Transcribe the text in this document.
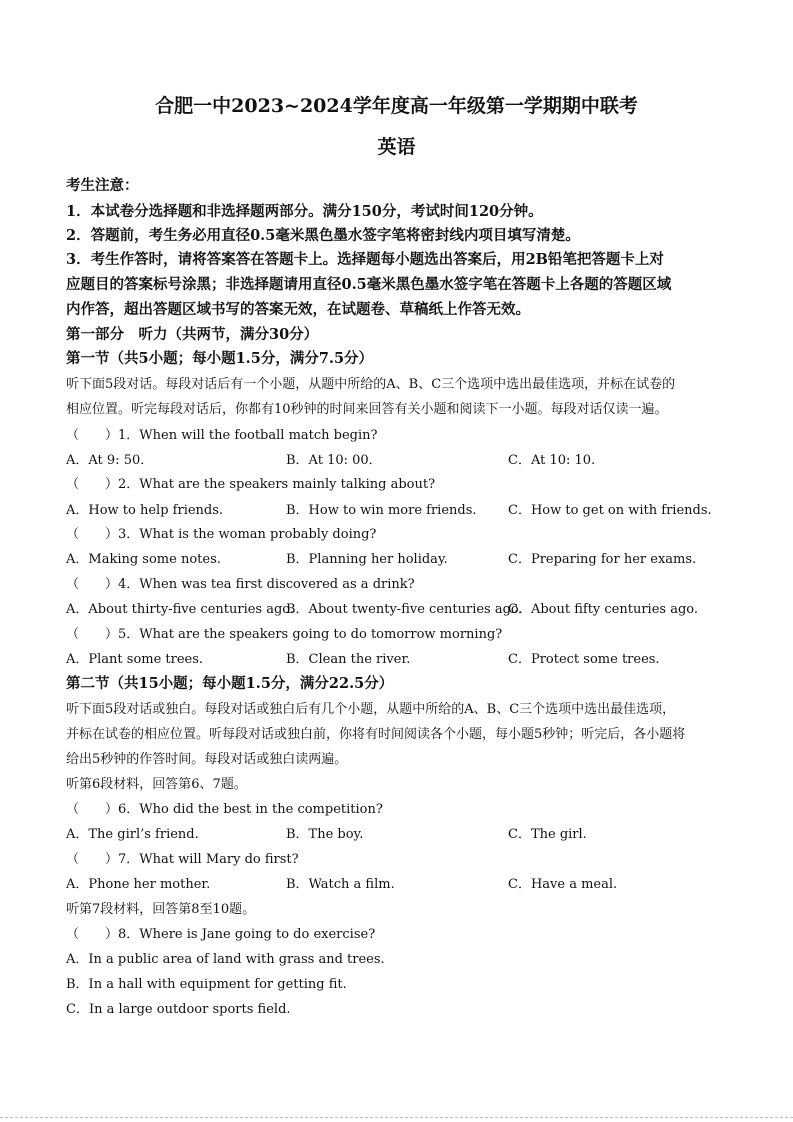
合肥一中2023~2024学年度高一年级第一学期期中联考
英语
考生注意：
1．本试卷分选择题和非选择题两部分。满分150分，考试时间120分钟。
2．答题前，考生务必用直径0.5毫米黑色墨水签字笔将密封线内项目填写清楚。
3．考生作答时，请将答案答在答题卡上。选择题每小题选出答案后，用2B铅笔把答题卡上对
应题目的答案标号涂黑；非选择题请用直径0.5毫米黑色墨水签字笔在答题卡上各题的答题区域
内作答，超出答题区域书写的答案无效，在试题卷、草稿纸上作答无效。
第一部分　听力（共两节，满分30分）
第一节（共5小题；每小题1.5分，满分7.5分）
听下面5段对话。每段对话后有一个小题，从题中所给的A、B、C三个选项中选出最佳选项，并标在试卷的
相应位置。听完每段对话后，你都有10秒钟的时间来回答有关小题和阅读下一小题。每段对话仅读一遍。
（　　）1．When will the football match begin?
A．At 9: 50．	B．At 10: 00．	C．At 10: 10.
（　　）2．What are the speakers mainly talking about?
A．How to help friends.	B．How to win more friends. C．How to get on with friends.
（　　）3．What is the woman probably doing?
A．Making some notes.	B．Planning her holiday.	C．Preparing for her exams.
（　　）4．When was tea first discovered as a drink?
A．About thirty-five centuries ago.
B．About twenty-five centuries ago.
C．About fifty centuries ago.
（　　）5．What are the speakers going to do tomorrow morning?
A．Plant some trees.	B．Clean the river.	C．Protect some trees.
第二节（共15小题；每小题1.5分，满分22.5分）
听下面5段对话或独白。每段对话或独白后有几个小题，从题中所给的A、B、C三个选项中选出最佳选项，
并标在试卷的相应位置。听每段对话或独白前，你将有时间阅读各个小题，每小题5秒钟；听完后，各小题将
给出5秒钟的作答时间。每段对话或独白读两遍。
听第6段材料，回答第6、7题。
（　　）6．Who did the best in the competition?
A．The girl’s friend.	B．The boy.	C．The girl.
（　　）7．What will Mary do first?
A．Phone her mother.	B．Watch a film.	C．Have a meal.
听第7段材料，回答第8至10题。
（　　）8．Where is Jane going to do exercise?
A．In a public area of land with grass and trees.
B．In a hall with equipment for getting fit.
C．In a large outdoor sports field.
